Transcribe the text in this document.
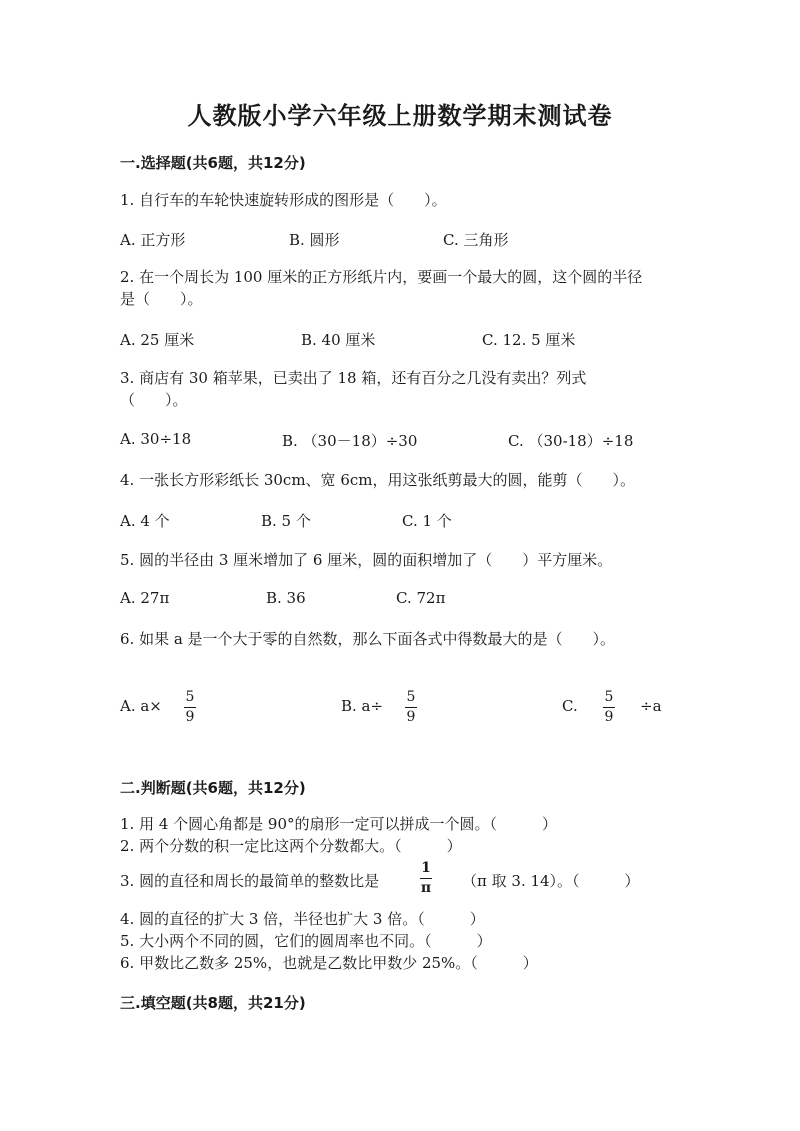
人教版小学六年级上册数学期末测试卷
一.选择题(共6题，共12分)
1. 自行车的车轮快速旋转形成的图形是（　　）。
A. 正方形	B. 圆形	C. 三角形
2. 在一个周长为 100 厘米的正方形纸片内，要画一个最大的圆，这个圆的半径
是（　　）。
A. 25 厘米	B. 40 厘米	C. 12. 5 厘米
3. 商店有 30 箱苹果，已卖出了 18 箱，还有百分之几没有卖出？列式
（　　）。
A. 30÷18	B. （30－18）÷30	C. （30-18）÷18
4. 一张长方形彩纸长 30cm、宽 6cm，用这张纸剪最大的圆，能剪（　　）。
A. 4 个	B. 5 个	C. 1 个
5. 圆的半径由 3 厘米增加了 6 厘米，圆的面积增加了（　　）平方厘米。
A. 27π	B. 36	C. 72π
6. 如果 a 是一个大于零的自然数，那么下面各式中得数最大的是（　　）。
A. a× 5
9
B. a÷ 5
9
C. 5
9
÷a
二.判断题(共6题，共12分)
1. 用 4 个圆心角都是 90°的扇形一定可以拼成一个圆。（　　　）
2. 两个分数的积一定比这两个分数都大。（　　　）
3. 圆的直径和周长的最简单的整数比是
1
π （π 取 3. 14）。（　　　）
4. 圆的直径的扩大 3 倍，半径也扩大 3 倍。（　　　）
5. 大小两个不同的圆，它们的圆周率也不同。（　　　）
6. 甲数比乙数多 25%，也就是乙数比甲数少 25%。（　　　）
三.填空题(共8题，共21分)
